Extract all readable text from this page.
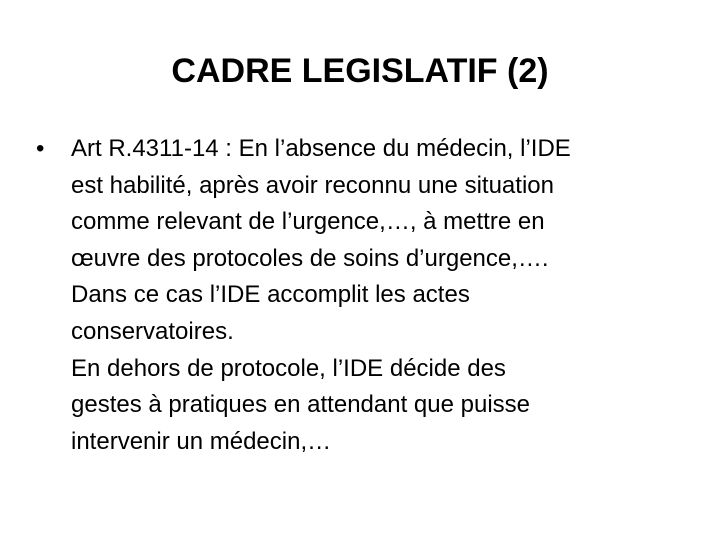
CADRE LEGISLATIF (2)
• Art R.4311-14 : En l’absence du médecin, l’IDE
est habilité, après avoir reconnu une situation
comme relevant de l’urgence,…, à mettre en
œuvre des protocoles de soins d’urgence,….
Dans ce cas l’IDE accomplit les actes
conservatoires.
En dehors de protocole, l’IDE décide des
gestes à pratiques en attendant que puisse
intervenir un médecin,…
